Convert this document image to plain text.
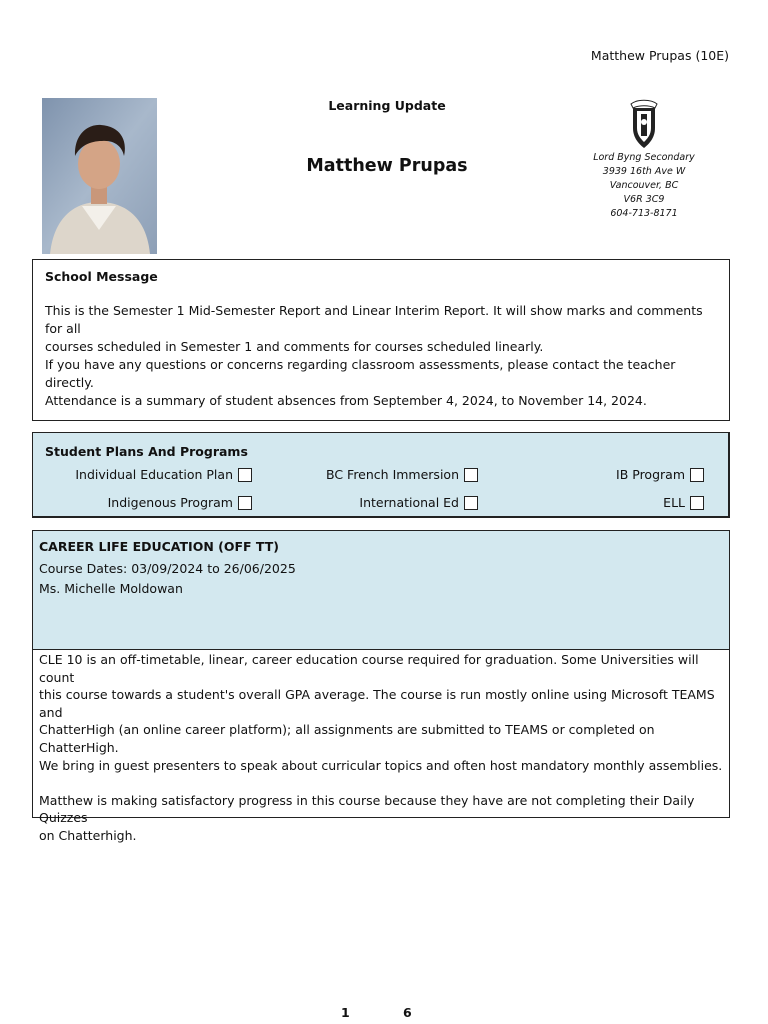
Matthew Prupas (10E)
Learning Update
Matthew Prupas	Lord Byng Secondary
3939 16th Ave W
Vancouver, BC
V6R 3C9
604-713-8171
School Message
This is the Semester 1 Mid-Semester Report and Linear Interim Report. It will show marks and comments for all
courses scheduled in Semester 1 and comments for courses scheduled linearly.
If you have any questions or concerns regarding classroom assessments, please contact the teacher directly.
Attendance is a summary of student absences from September 4, 2024, to November 14, 2024.
Student Plans And Programs
Individual Education Plan	BC French Immersion	IB Program
Indigenous Program	International Ed	ELL
CAREER LIFE EDUCATION (OFF TT)
Course Dates: 03/09/2024 to 26/06/2025
Ms. Michelle Moldowan
CLE 10 is an off-timetable, linear, career education course required for graduation. Some Universities will count
this course towards a student's overall GPA average. The course is run mostly online using Microsoft TEAMS and
ChatterHigh (an online career platform); all assignments are submitted to TEAMS or completed on ChatterHigh.
We bring in guest presenters to speak about curricular topics and often host mandatory monthly assemblies.
Matthew is making satisfactory progress in this course because they have are not completing their Daily Quizzes
on Chatterhigh.
1	6
